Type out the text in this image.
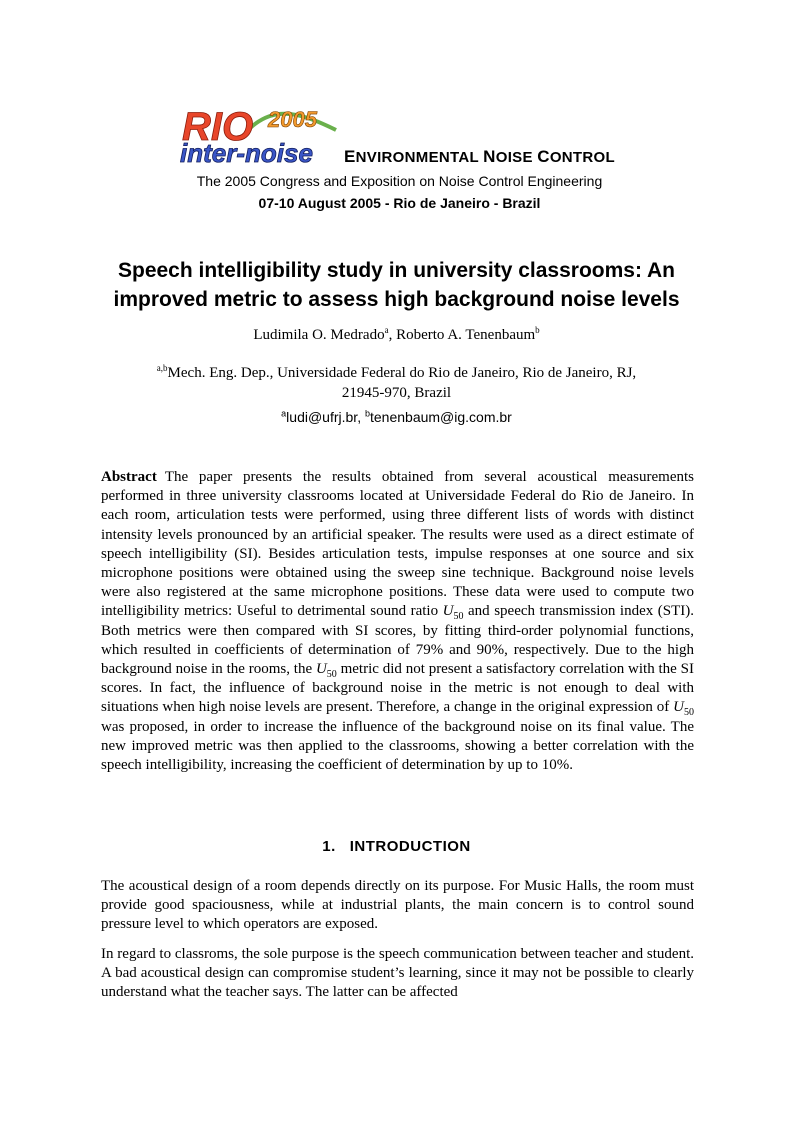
RIO 2005
inter-noise ENVIRONMENTAL NOISE CONTROL
The 2005 Congress and Exposition on Noise Control Engineering
07-10 August 2005 - Rio de Janeiro - Brazil
Speech intelligibility study in university classrooms: An
improved metric to assess high background noise levels
Ludimila O. Medrado$^a$, Roberto A. Tenenbaum$^b$
$^{a,b}$Mech. Eng. Dep., Universidade Federal do Rio de Janeiro, Rio de Janeiro, RJ,
21945-970, Brazil
$^a$ludi@ufrj.br, $^b$tenenbaum@ig.com.br
Abstract The paper presents the results obtained from several acoustical measurements performed in three university classrooms located at Universidade Federal do Rio de Janeiro. In each room, articulation tests were performed, using three different lists of words with distinct intensity levels pronounced by an artificial speaker. The results were used as a direct estimate of speech intelligibility (SI). Besides articulation tests, impulse responses at one source and six microphone positions were obtained using the sweep sine technique. Background noise levels were also registered at the same microphone positions. These data were used to compute two intelligibility metrics: Useful to detrimental sound ratio $U_{50}$ and speech transmission index (STI). Both metrics were then compared with SI scores, by fitting third-order polynomial functions, which resulted in coefficients of determination of 79% and 90%, respectively. Due to the high background noise in the rooms, the $U_{50}$ metric did not present a satisfactory correlation with the SI scores. In fact, the influence of background noise in the metric is not enough to deal with situations when high noise levels are present. Therefore, a change in the original expression of $U_{50}$ was proposed, in order to increase the influence of the background noise on its final value. The new improved metric was then applied to the classrooms, showing a better correlation with the speech intelligibility, increasing the coefficient of determination by up to 10%.
1.   INTRODUCTION

The acoustical design of a room depends directly on its purpose. For Music Halls, the room must provide good spaciousness, while at industrial plants, the main concern is to control sound pressure level to which operators are exposed.

In regard to classroms, the sole purpose is the speech communication between teacher and student. A bad acoustical design can compromise student’s learning, since it may not be possible to clearly understand what the teacher says. The latter can be affected
